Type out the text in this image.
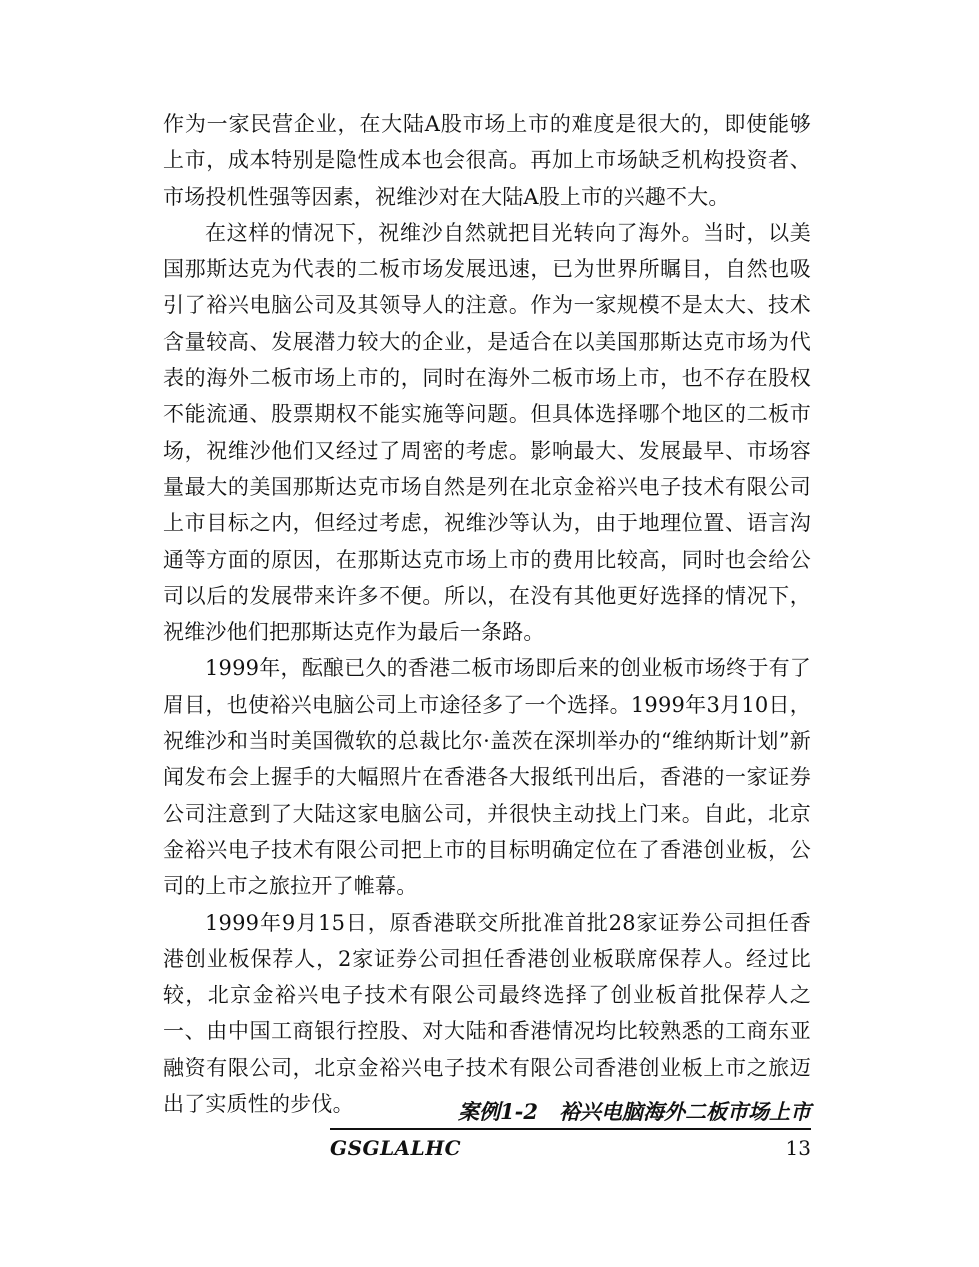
作为一家民营企业，在大陆A股市场上市的难度是很大的，即使能够上市，成本特别是隐性成本也会很高。再加上市场缺乏机构投资者、市场投机性强等因素，祝维沙对在大陆A股上市的兴趣不大。

在这样的情况下，祝维沙自然就把目光转向了海外。当时，以美国那斯达克为代表的二板市场发展迅速，已为世界所瞩目，自然也吸引了裕兴电脑公司及其领导人的注意。作为一家规模不是太大、技术含量较高、发展潜力较大的企业，是适合在以美国那斯达克市场为代表的海外二板市场上市的，同时在海外二板市场上市，也不存在股权不能流通、股票期权不能实施等问题。但具体选择哪个地区的二板市场，祝维沙他们又经过了周密的考虑。影响最大、发展最早、市场容量最大的美国那斯达克市场自然是列在北京金裕兴电子技术有限公司上市目标之内，但经过考虑，祝维沙等认为，由于地理位置、语言沟通等方面的原因，在那斯达克市场上市的费用比较高，同时也会给公司以后的发展带来许多不便。所以，在没有其他更好选择的情况下，祝维沙他们把那斯达克作为最后一条路。

1999年，酝酿已久的香港二板市场即后来的创业板市场终于有了眉目，也使裕兴电脑公司上市途径多了一个选择。1999年3月10日，祝维沙和当时美国微软的总裁比尔·盖茨在深圳举办的“维纳斯计划”新闻发布会上握手的大幅照片在香港各大报纸刊出后，香港的一家证券公司注意到了大陆这家电脑公司，并很快主动找上门来。自此，北京金裕兴电子技术有限公司把上市的目标明确定位在了香港创业板，公司的上市之旅拉开了帷幕。

1999年9月15日，原香港联交所批准首批28家证券公司担任香港创业板保荐人，2家证券公司担任香港创业板联席保荐人。经过比较，北京金裕兴电子技术有限公司最终选择了创业板首批保荐人之一、由中国工商银行控股、对大陆和香港情况均比较熟悉的工商东亚融资有限公司，北京金裕兴电子技术有限公司香港创业板上市之旅迈出了实质性的步伐。	案例1-2　裕兴电脑海外二板市场上市
GSGLALHC	13
